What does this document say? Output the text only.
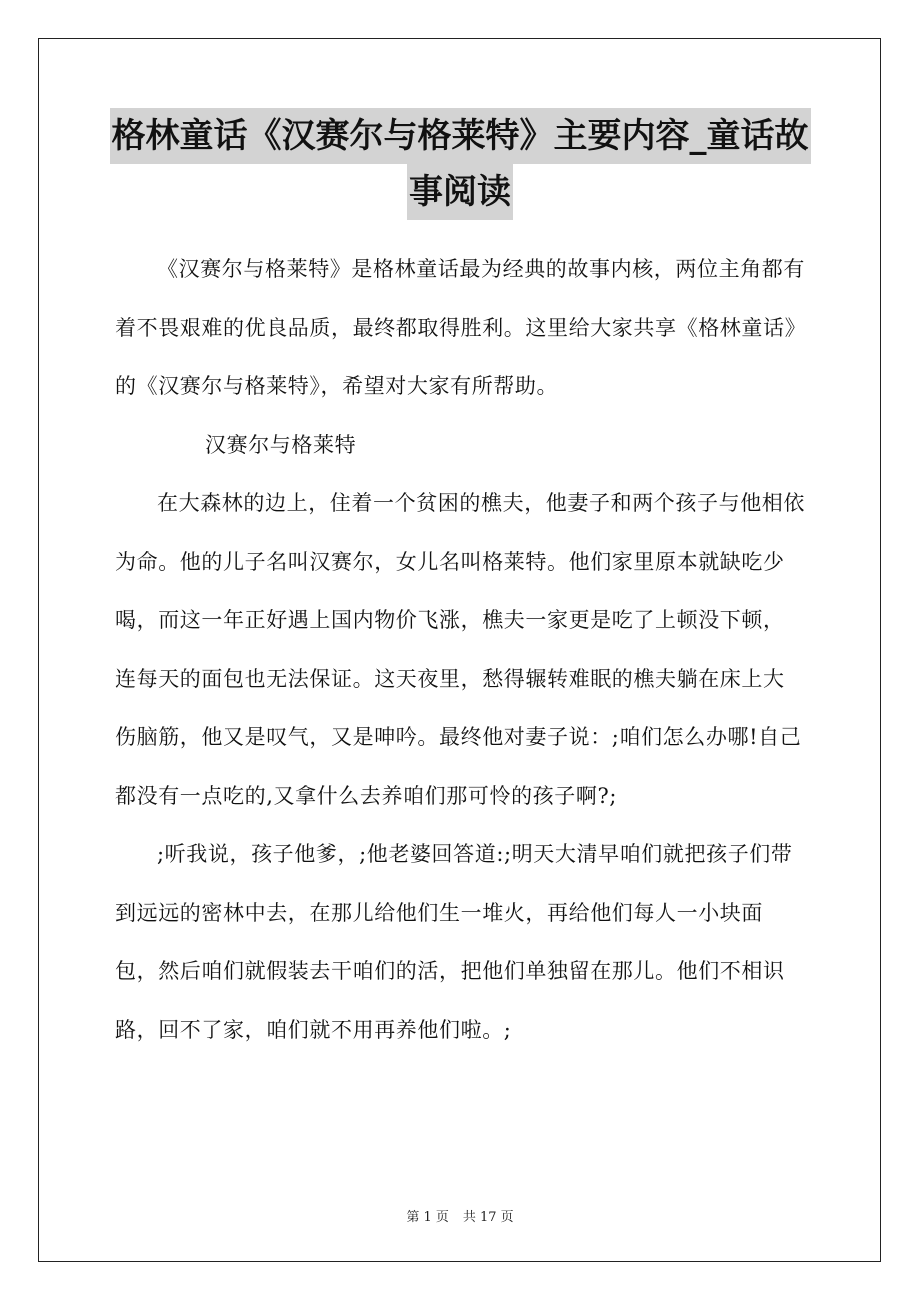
格林童话《汉赛尔与格莱特》主要内容_童话故
事阅读

《汉赛尔与格莱特》是格林童话最为经典的故事内核，两位主角都有着不畏艰难的优良品质，最终都取得胜利。这里给大家共享《格林童话》的《汉赛尔与格莱特》，希望对大家有所帮助。

汉赛尔与格莱特

在大森林的边上，住着一个贫困的樵夫，他妻子和两个孩子与他相依为命。他的儿子名叫汉赛尔，女儿名叫格莱特。他们家里原本就缺吃少喝，而这一年正好遇上国内物价飞涨，樵夫一家更是吃了上顿没下顿，连每天的面包也无法保证。这天夜里，愁得辗转难眠的樵夫躺在床上大伤脑筋，他又是叹气，又是呻吟。最终他对妻子说：;咱们怎么办哪!自己都没有一点吃的,又拿什么去养咱们那可怜的孩子啊?;

;听我说，孩子他爹，;他老婆回答道:;明天大清早咱们就把孩子们带到远远的密林中去，在那儿给他们生一堆火，再给他们每人一小块面包，然后咱们就假装去干咱们的活，把他们单独留在那儿。他们不相识路，回不了家，咱们就不用再养他们啦。;

第 1 页 共 17 页
